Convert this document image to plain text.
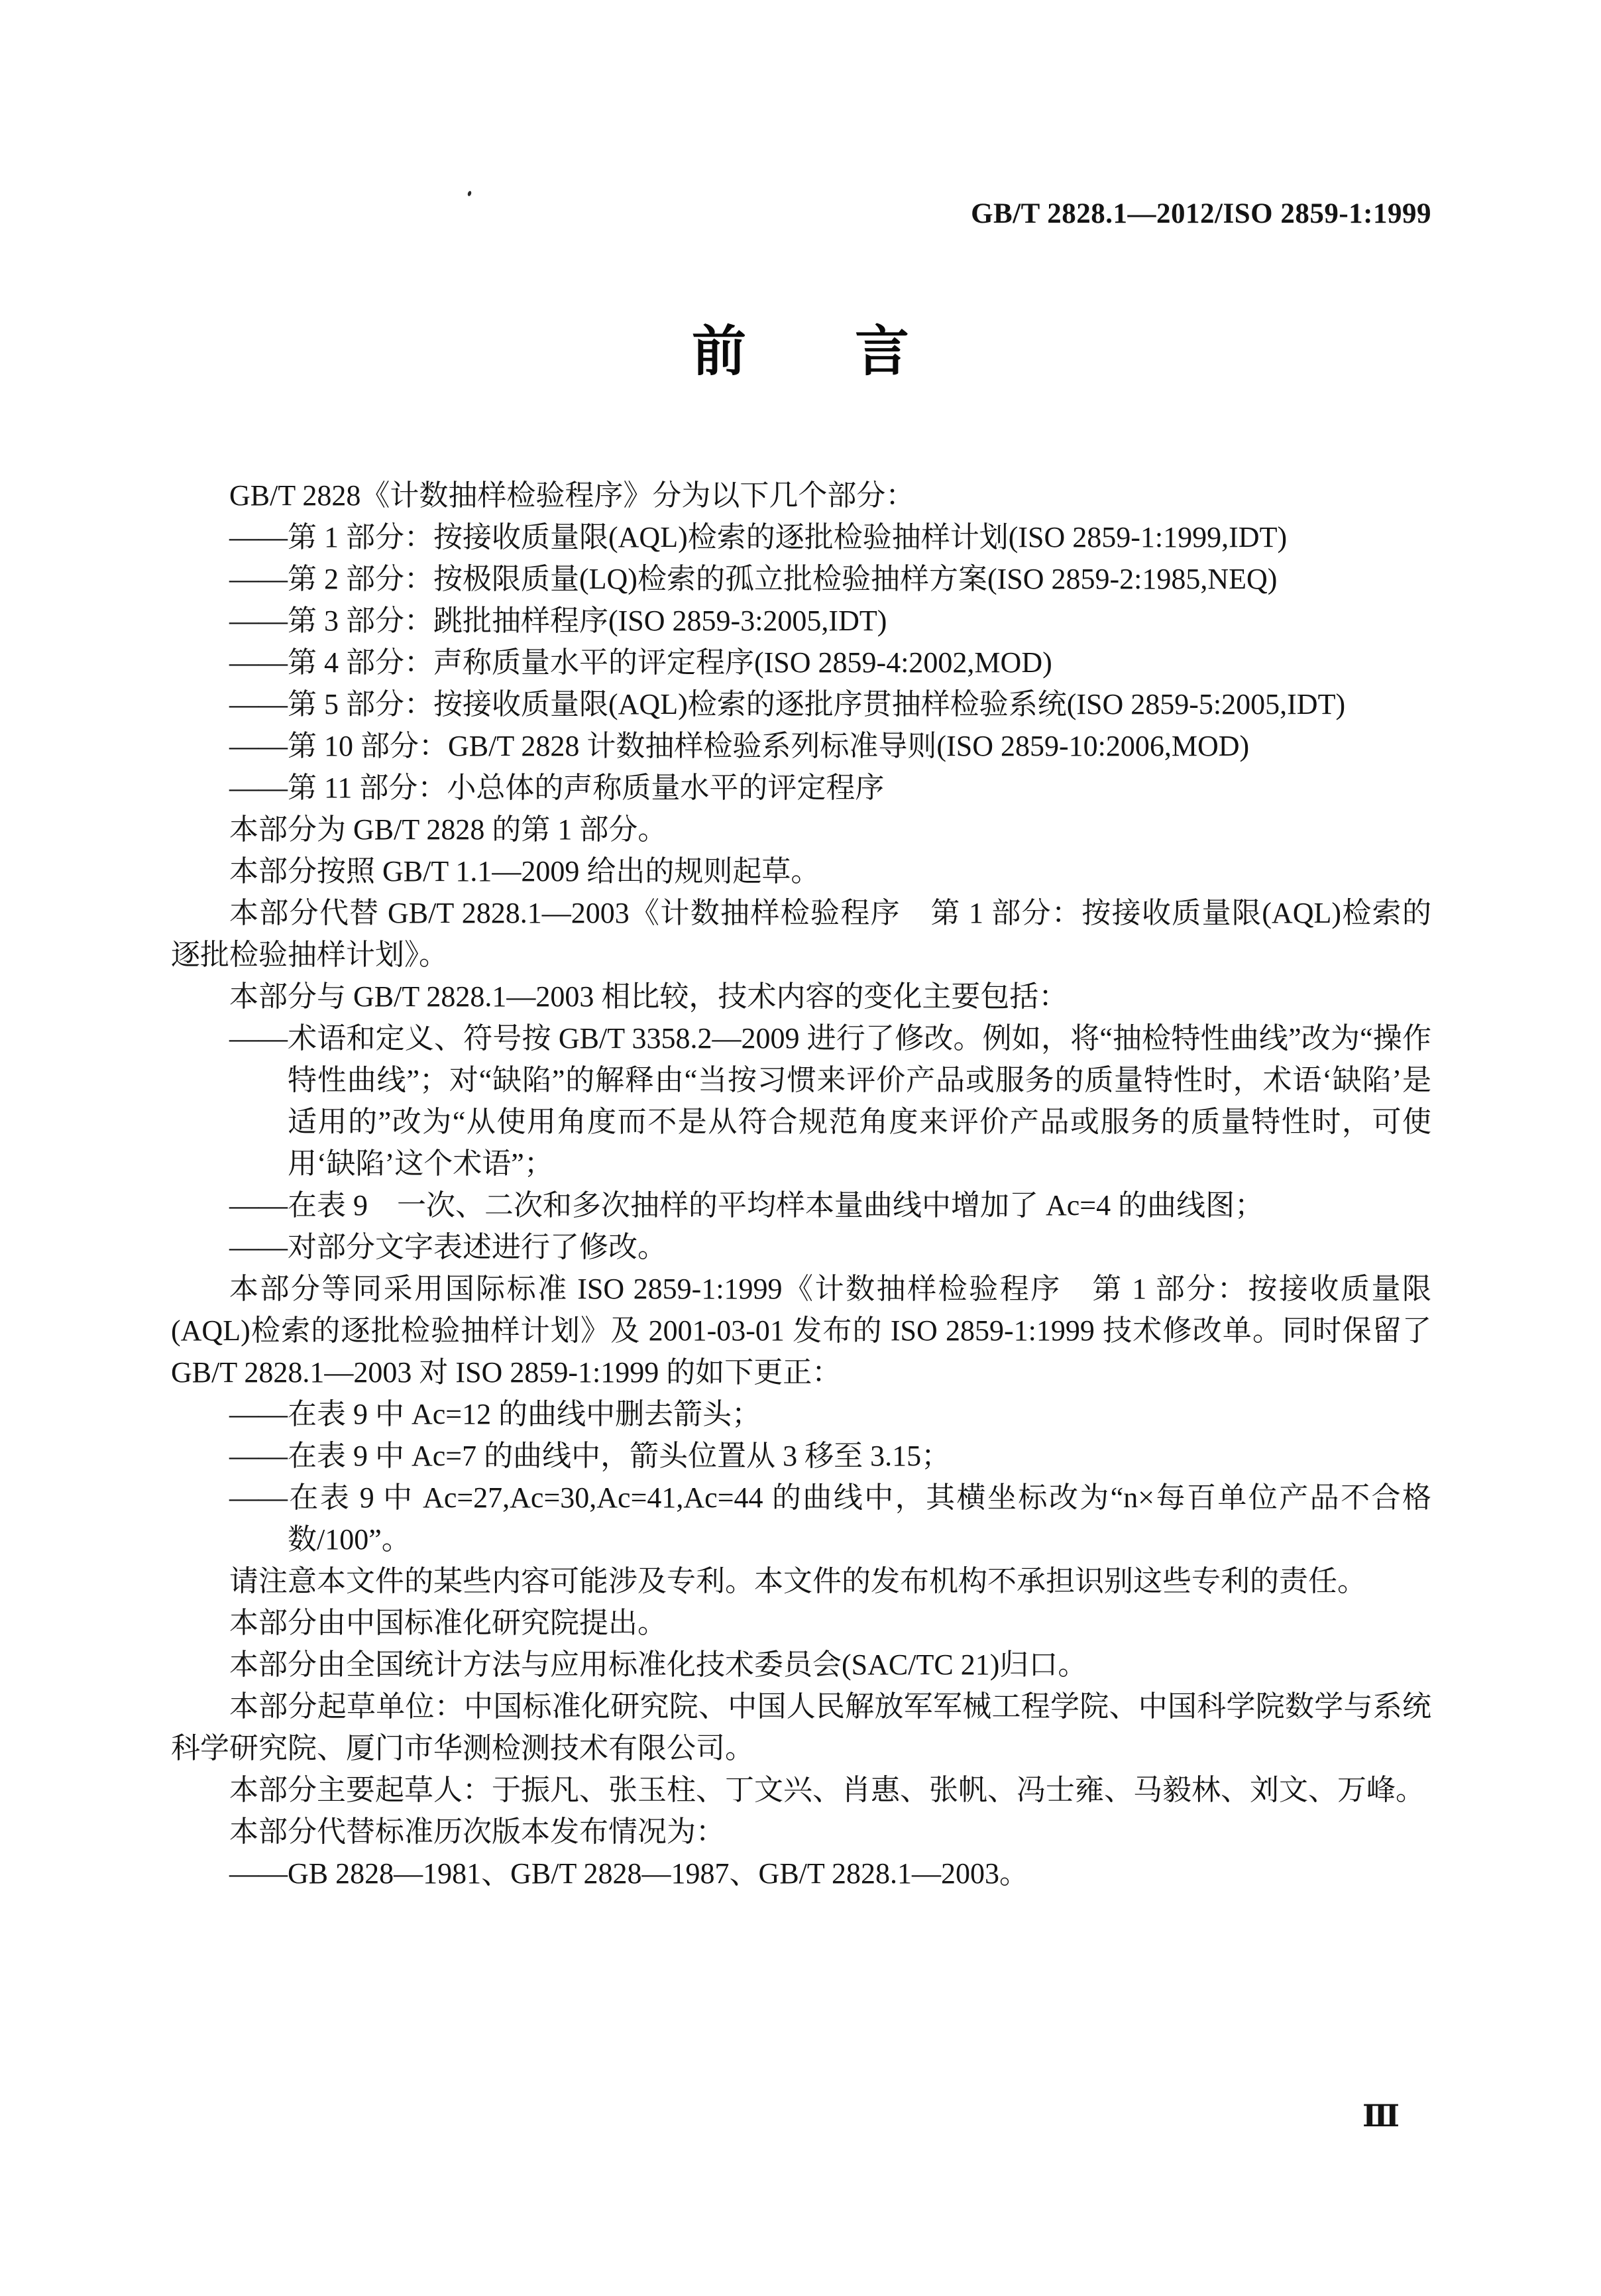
GB/T 2828.1—2012/ISO 2859-1:1999
前　　言
GB/T 2828《计数抽样检验程序》分为以下几个部分：
——第 1 部分：按接收质量限(AQL)检索的逐批检验抽样计划(ISO 2859-1:1999,IDT)
——第 2 部分：按极限质量(LQ)检索的孤立批检验抽样方案(ISO 2859-2:1985,NEQ)
——第 3 部分：跳批抽样程序(ISO 2859-3:2005,IDT)
——第 4 部分：声称质量水平的评定程序(ISO 2859-4:2002,MOD)
——第 5 部分：按接收质量限(AQL)检索的逐批序贯抽样检验系统(ISO 2859-5:2005,IDT)
——第 10 部分：GB/T 2828 计数抽样检验系列标准导则(ISO 2859-10:2006,MOD)
——第 11 部分：小总体的声称质量水平的评定程序
本部分为 GB/T 2828 的第 1 部分。
本部分按照 GB/T 1.1—2009 给出的规则起草。
本部分代替 GB/T 2828.1—2003《计数抽样检验程序　第 1 部分：按接收质量限(AQL)检索的逐批检验抽样计划》。
本部分与 GB/T 2828.1—2003 相比较，技术内容的变化主要包括：
——术语和定义、符号按 GB/T 3358.2—2009 进行了修改。例如，将“抽检特性曲线”改为“操作特性曲线”；对“缺陷”的解释由“当按习惯来评价产品或服务的质量特性时，术语‘缺陷’是适用的”改为“从使用角度而不是从符合规范角度来评价产品或服务的质量特性时，可使用‘缺陷’这个术语”；
——在表 9　一次、二次和多次抽样的平均样本量曲线中增加了 Ac=4 的曲线图；
——对部分文字表述进行了修改。
本部分等同采用国际标准 ISO 2859-1:1999《计数抽样检验程序　第 1 部分：按接收质量限(AQL)检索的逐批检验抽样计划》及 2001-03-01 发布的 ISO 2859-1:1999 技术修改单。同时保留了 GB/T 2828.1—2003 对 ISO 2859-1:1999 的如下更正：
——在表 9 中 Ac=12 的曲线中删去箭头；
——在表 9 中 Ac=7 的曲线中，箭头位置从 3 移至 3.15；
——在表 9 中 Ac=27,Ac=30,Ac=41,Ac=44 的曲线中，其横坐标改为“n×每百单位产品不合格数/100”。
请注意本文件的某些内容可能涉及专利。本文件的发布机构不承担识别这些专利的责任。
本部分由中国标准化研究院提出。
本部分由全国统计方法与应用标准化技术委员会(SAC/TC 21)归口。
本部分起草单位：中国标准化研究院、中国人民解放军军械工程学院、中国科学院数学与系统科学研究院、厦门市华测检测技术有限公司。
本部分主要起草人：于振凡、张玉柱、丁文兴、肖惠、张帆、冯士雍、马毅林、刘文、万峰。
本部分代替标准历次版本发布情况为：
——GB 2828—1981、GB/T 2828—1987、GB/T 2828.1—2003。
Ⅲ
